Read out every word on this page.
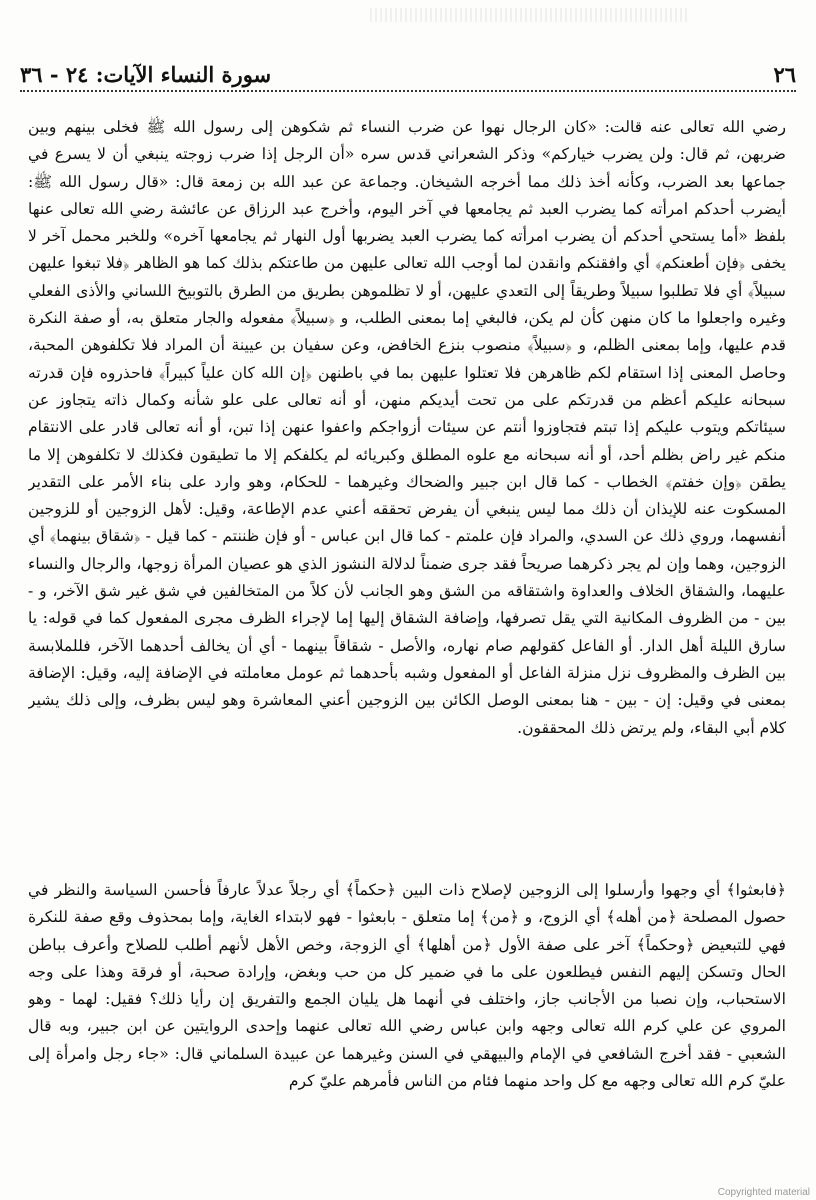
٢٦
سورة النساء الآيات: ٢٤ - ٣٦
رضي الله تعالى عنه قالت: «كان الرجال نهوا عن ضرب النساء ثم شكوهن إلى رسول الله ﷺ فخلى بينهم وبين ضربهن، ثم قال: ولن يضرب خياركم» وذكر الشعراني قدس سره «أن الرجل إذا ضرب زوجته ينبغي أن لا يسرع في جماعها بعد الضرب، وكأنه أخذ ذلك مما أخرجه الشيخان. وجماعة عن عبد الله بن زمعة قال: «قال رسول الله ﷺ: أيضرب أحدكم امرأته كما يضرب العبد ثم يجامعها في آخر اليوم، وأخرج عبد الرزاق عن عائشة رضي الله تعالى عنها بلفظ «أما يستحي أحدكم أن يضرب امرأته كما يضرب العبد يضربها أول النهار ثم يجامعها آخره» وللخبر محمل آخر لا يخفى ﴿فإن أطعنكم﴾ أي وافقنكم وانقدن لما أوجب الله تعالى عليهن من طاعتكم بذلك كما هو الظاهر ﴿فلا تبغوا عليهن سبيلاً﴾ أي فلا تطلبوا سبيلاً وطريقاً إلى التعدي عليهن، أو لا تظلموهن بطريق من الطرق بالتوبيخ اللساني والأذى الفعلي وغيره واجعلوا ما كان منهن كأن لم يكن، فالبغي إما بمعنى الطلب، و ﴿سبيلاً﴾ مفعوله والجار متعلق به، أو صفة النكرة قدم عليها، وإما بمعنى الظلم، و ﴿سبيلاً﴾ منصوب بنزع الخافض، وعن سفيان بن عيينة أن المراد فلا تكلفوهن المحبة، وحاصل المعنى إذا استقام لكم ظاهرهن فلا تعتلوا عليهن بما في باطنهن ﴿إن الله كان علياً كبيراً﴾ فاحذروه فإن قدرته سبحانه عليكم أعظم من قدرتكم على من تحت أيديكم منهن، أو أنه تعالى على علو شأنه وكمال ذاته يتجاوز عن سيئاتكم ويتوب عليكم إذا تبتم فتجاوزوا أنتم عن سيئات أزواجكم واعفوا عنهن إذا تبن، أو أنه تعالى قادر على الانتقام منكم غير راض بظلم أحد، أو أنه سبحانه مع علوه المطلق وكبريائه لم يكلفكم إلا ما تطيقون فكذلك لا تكلفوهن إلا ما يطقن ﴿وإن خفتم﴾ الخطاب - كما قال ابن جبير والضحاك وغيرهما - للحكام، وهو وارد على بناء الأمر على التقدير المسكوت عنه للإيذان أن ذلك مما ليس ينبغي أن يفرض تحققه أعني عدم الإطاعة، وقيل: لأهل الزوجين أو للزوجين أنفسهما، وروي ذلك عن السدي، والمراد فإن علمتم - كما قال ابن عباس - أو فإن ظننتم - كما قيل - ﴿شقاق بينهما﴾ أي الزوجين، وهما وإن لم يجر ذكرهما صريحاً فقد جرى ضمناً لدلالة النشوز الذي هو عصيان المرأة زوجها، والرجال والنساء عليهما، والشقاق الخلاف والعداوة واشتقاقه من الشق وهو الجانب لأن كلاً من المتخالفين في شق غير شق الآخر، و - بين - من الظروف المكانية التي يقل تصرفها، وإضافة الشقاق إليها إما لإجراء الظرف مجرى المفعول كما في قوله: يا سارق الليلة أهل الدار. أو الفاعل كقولهم صام نهاره، والأصل - شقاقاً بينهما - أي أن يخالف أحدهما الآخر، فللملابسة بين الظرف والمظروف نزل منزلة الفاعل أو المفعول وشبه بأحدهما ثم عومل معاملته في الإضافة إليه، وقيل: الإضافة بمعنى في وقيل: إن - بين - هنا بمعنى الوصل الكائن بين الزوجين أعني المعاشرة وهو ليس بظرف، وإلى ذلك يشير كلام أبي البقاء، ولم يرتض ذلك المحققون.
﴿فابعثوا﴾ أي وجهوا وأرسلوا إلى الزوجين لإصلاح ذات البين ﴿حكماً﴾ أي رجلاً عدلاً عارفاً فأحسن السياسة والنظر في حصول المصلحة ﴿من أهله﴾ أي الزوج، و ﴿من﴾ إما متعلق - بابعثوا - فهو لابتداء الغاية، وإما بمحذوف وقع صفة للنكرة فهي للتبعيض ﴿وحكماً﴾ آخر على صفة الأول ﴿من أهلها﴾ أي الزوجة، وخص الأهل لأنهم أطلب للصلاح وأعرف بباطن الحال وتسكن إليهم النفس فيطلعون على ما في ضمير كل من حب وبغض، وإرادة صحبة، أو فرقة وهذا على وجه الاستحباب، وإن نصبا من الأجانب جاز، واختلف في أنهما هل يليان الجمع والتفريق إن رأيا ذلك؟ فقيل: لهما - وهو المروي عن علي كرم الله تعالى وجهه وابن عباس رضي الله تعالى عنهما وإحدى الروايتين عن ابن جبير، وبه قال الشعبي - فقد أخرج الشافعي في الإمام والبيهقي في السنن وغيرهما عن عبيدة السلماني قال: «جاء رجل وامرأة إلى عليّ كرم الله تعالى وجهه مع كل واحد منهما فئام من الناس فأمرهم عليّ كرم
Copyrighted material
